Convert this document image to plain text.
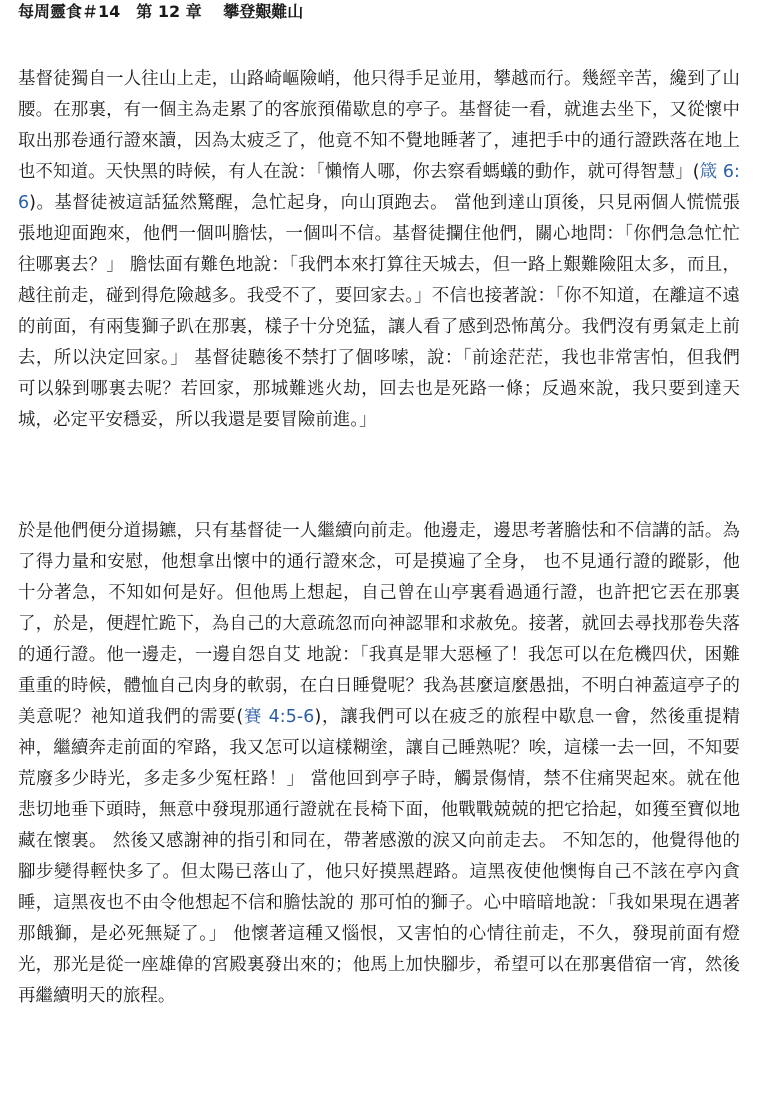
每周靈食＃14　第 12 章　 攀登艱難山

基督徒獨自一人往山上走，山路崎嶇險峭，他只得手足並用，攀越而行。幾經辛苦，纔到了山腰。在那裏，有一個主為走累了的客旅預備歇息的亭子。基督徒一看，就進去坐下，又從懷中取出那卷通行證來讀，因為太疲乏了，他竟不知不覺地睡著了，連把手中的通行證跌落在地上也不知道。天快黑的時候，有人在說：「懶惰人哪，你去察看螞蟻的動作，就可得智慧」(箴 6:6)。基督徒被這話猛然驚醒，急忙起身，向山頂跑去。 當他到達山頂後，只見兩個人慌慌張張地迎面跑來，他們一個叫膽怯，一個叫不信。基督徒攔住他們，關心地問：「你們急急忙忙往哪裏去？」 膽怯面有難色地說：「我們本來打算往天城去，但一路上艱難險阻太多，而且，越往前走，碰到得危險越多。我受不了，要回家去。」不信也接著說：「你不知道，在離這不遠的前面，有兩隻獅子趴在那裏，樣子十分兇猛，讓人看了感到恐怖萬分。我們沒有勇氣走上前去，所以決定回家。」 基督徒聽後不禁打了個哆嗦，說：「前途茫茫，我也非常害怕，但我們可以躲到哪裏去呢？若回家，那城難逃火劫，回去也是死路一條；反過來說，我只要到達天城，必定平安穩妥，所以我還是要冒險前進。」

於是他們便分道揚鑣，只有基督徒一人繼續向前走。他邊走，邊思考著膽怯和不信講的話。為了得力量和安慰，他想拿出懷中的通行證來念，可是摸遍了全身， 也不見通行證的蹤影，他十分著急，不知如何是好。但他馬上想起，自己曾在山亭裏看過通行證，也許把它丟在那裏了，於是，便趕忙跪下，為自己的大意疏忽而向神認罪和求赦免。接著，就回去尋找那卷失落的通行證。他一邊走，一邊自怨自艾 地說：「我真是罪大惡極了！我怎可以在危機四伏，困難重重的時候，體恤自己肉身的軟弱，在白日睡覺呢？我為甚麼這麼愚拙，不明白神蓋這亭子的美意呢？祂知道我們的需要(賽 4:5-6)，讓我們可以在疲乏的旅程中歇息一會，然後重提精神，繼續奔走前面的窄路，我又怎可以這樣糊塗，讓自己睡熟呢？唉，這樣一去一回，不知要荒廢多少時光，多走多少冤枉路！」 當他回到亭子時，觸景傷情，禁不住痛哭起來。就在他悲切地垂下頭時，無意中發現那通行證就在長椅下面，他戰戰兢兢的把它拾起，如獲至寶似地藏在懷裏。 然後又感謝神的指引和同在，帶著感激的淚又向前走去。 不知怎的，他覺得他的腳步變得輕快多了。但太陽已落山了，他只好摸黑趕路。這黑夜使他懊悔自己不該在亭內貪睡，這黑夜也不由令他想起不信和膽怯說的 那可怕的獅子。心中暗暗地說：「我如果現在遇著那餓獅，是必死無疑了。」 他懷著這種又惱恨，又害怕的心情往前走，不久，發現前面有燈光，那光是從一座雄偉的宮殿裏發出來的；他馬上加快腳步，希望可以在那裏借宿一宵，然後再繼續明天的旅程。
